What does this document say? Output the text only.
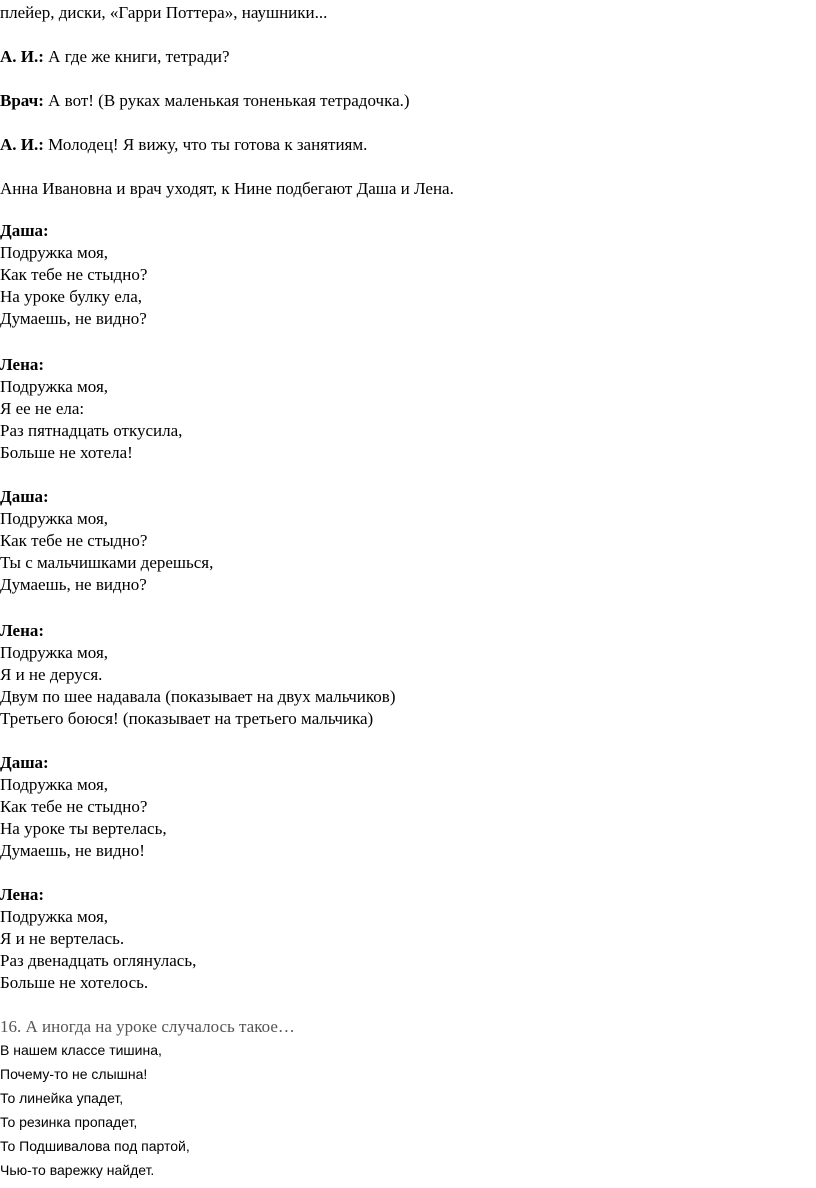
плейер, диски, «Гарри Поттера», наушники...
А. И.: А где же книги, тетради?
Врач: А вот! (В руках маленькая тоненькая тетрадочка.)
А. И.: Молодец! Я вижу, что ты готова к занятиям.
Анна Ивановна и врач уходят, к Нине подбегают Даша и Лена.
Даша:
Подружка моя,
Как тебе не стыдно?
На уроке булку ела,
Думаешь, не видно?
Лена:
Подружка моя,
Я ее не ела:
Раз пятнадцать откусила,
Больше не хотела!
Даша:
Подружка моя,
Как тебе не стыдно?
Ты с мальчишками дерешься,
Думаешь, не видно?
Лена:
Подружка моя,
Я и не деруся.
Двум по шее надавала (показывает на двух мальчиков)
Третьего боюся! (показывает на третьего мальчика)
Даша:
Подружка моя,
Как тебе не стыдно?
На уроке ты вертелась,
Думаешь, не видно!
Лена:
Подружка моя,
Я и не вертелась.
Раз двенадцать оглянулась,
Больше не хотелось.
16. А иногда на уроке случалось такое…
В нашем классе тишина,
Почему-то не слышна!
То линейка упадет,
То резинка пропадет,
То Подшивалова под партой,
Чью-то варежку найдет.
